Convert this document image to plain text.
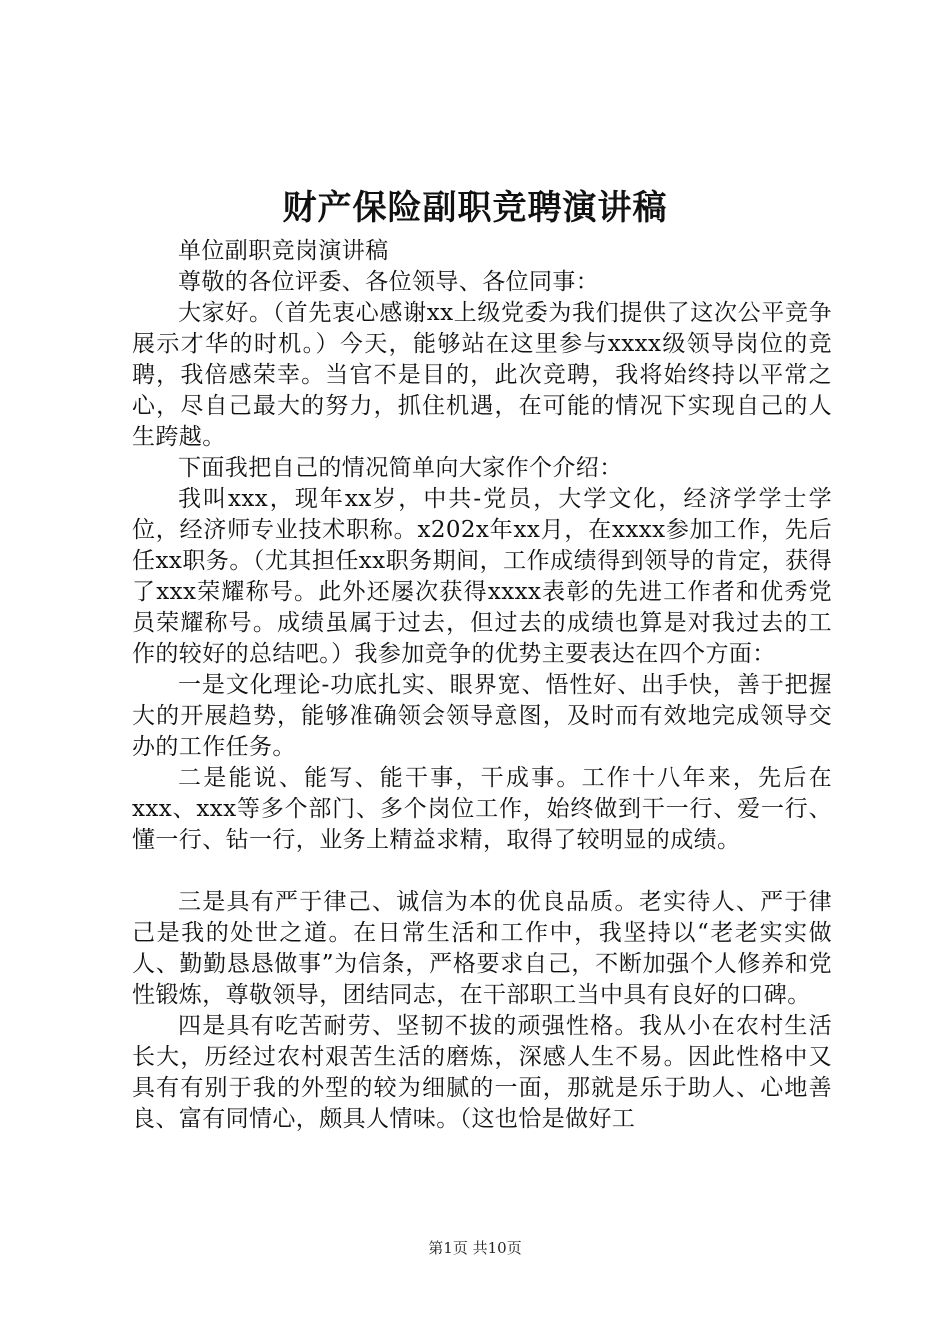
财产保险副职竞聘演讲稿

单位副职竞岗演讲稿

尊敬的各位评委、各位领导、各位同事：

大家好。（首先衷心感谢xx上级党委为我们提供了这次公平竞争展示才华的时机。）今天，能够站在这里参与xxxx级领导岗位的竞聘，我倍感荣幸。当官不是目的，此次竞聘，我将始终持以平常之心，尽自己最大的努力，抓住机遇，在可能的情况下实现自己的人生跨越。

下面我把自己的情况简单向大家作个介绍：

我叫xxx，现年xx岁，中共-党员，大学文化，经济学学士学位，经济师专业技术职称。x202x年xx月，在xxxx参加工作，先后任xx职务。（尤其担任xx职务期间，工作成绩得到领导的肯定，获得了xxx荣耀称号。此外还屡次获得xxxx表彰的先进工作者和优秀党员荣耀称号。成绩虽属于过去，但过去的成绩也算是对我过去的工作的较好的总结吧。）我参加竞争的优势主要表达在四个方面：

一是文化理论-功底扎实、眼界宽、悟性好、出手快，善于把握大的开展趋势，能够准确领会领导意图，及时而有效地完成领导交办的工作任务。

二是能说、能写、能干事，干成事。工作十八年来，先后在xxx、xxx等多个部门、多个岗位工作，始终做到干一行、爱一行、懂一行、钻一行，业务上精益求精，取得了较明显的成绩。

三是具有严于律己、诚信为本的优良品质。老实待人、严于律己是我的处世之道。在日常生活和工作中，我坚持以“老老实实做人、勤勤恳恳做事”为信条，严格要求自己，不断加强个人修养和党性锻炼，尊敬领导，团结同志，在干部职工当中具有良好的口碑。

四是具有吃苦耐劳、坚韧不拔的顽强性格。我从小在农村生活长大，历经过农村艰苦生活的磨炼，深感人生不易。因此性格中又具有有别于我的外型的较为细腻的一面，那就是乐于助人、心地善良、富有同情心，颇具人情味。（这也恰是做好工

第1页 共10页
